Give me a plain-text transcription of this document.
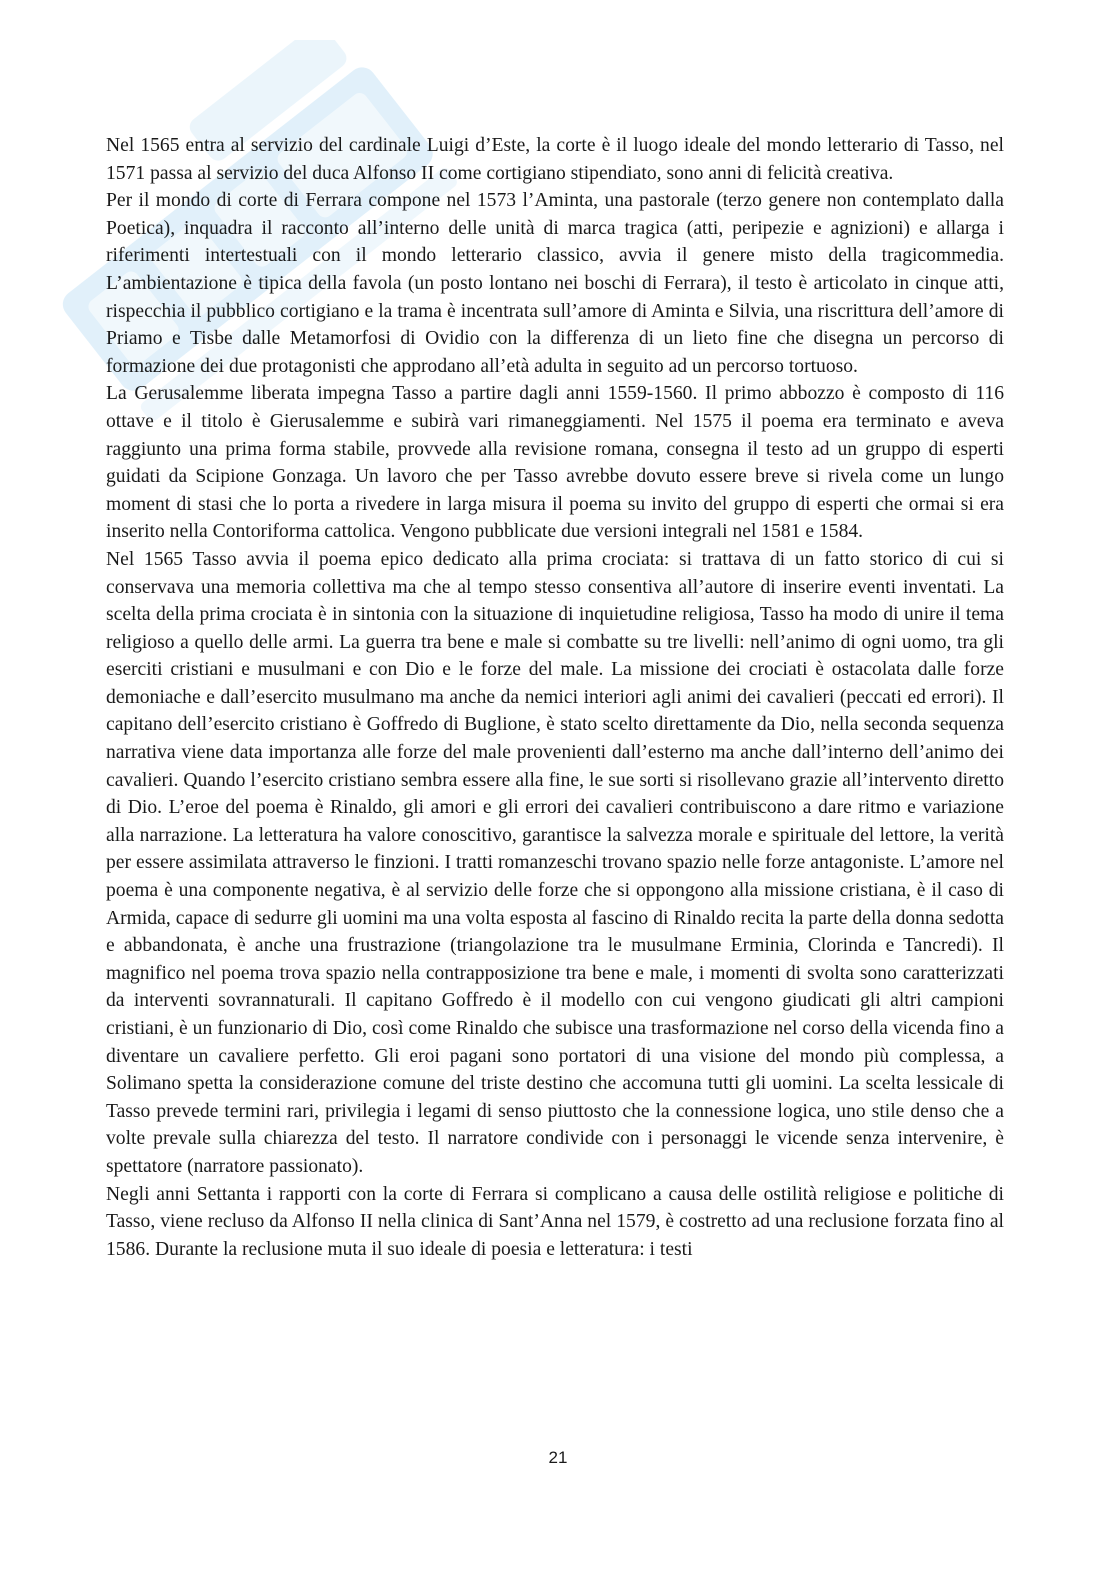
Nel 1565 entra al servizio del cardinale Luigi d’Este, la corte è il luogo ideale del mondo letterario di Tasso, nel 1571 passa al servizio del duca Alfonso II come cortigiano stipendiato, sono anni di felicità creativa.

Per il mondo di corte di Ferrara compone nel 1573 l’Aminta, una pastorale (terzo genere non contemplato dalla Poetica), inquadra il racconto all’interno delle unità di marca tragica (atti, peripezie e agnizioni) e allarga i riferimenti intertestuali con il mondo letterario classico, avvia il genere misto della tragicommedia. L’ambientazione è tipica della favola (un posto lontano nei boschi di Ferrara), il testo è articolato in cinque atti, rispecchia il pubblico cortigiano e la trama è incentrata sull’amore di Aminta e Silvia, una riscrittura dell’amore di Priamo e Tisbe dalle Metamorfosi di Ovidio con la differenza di un lieto fine che disegna un percorso di formazione dei due protagonisti che approdano all’età adulta in seguito ad un percorso tortuoso.

La Gerusalemme liberata impegna Tasso a partire dagli anni 1559-1560. Il primo abbozzo è composto di 116 ottave e il titolo è Gierusalemme e subirà vari rimaneggiamenti. Nel 1575 il poema era terminato e aveva raggiunto una prima forma stabile, provvede alla revisione romana, consegna il testo ad un gruppo di esperti guidati da Scipione Gonzaga. Un lavoro che per Tasso avrebbe dovuto essere breve si rivela come un lungo moment di stasi che lo porta a rivedere in larga misura il poema su invito del gruppo di esperti che ormai si era inserito nella Contoriforma cattolica. Vengono pubblicate due versioni integrali nel 1581 e 1584.

Nel 1565 Tasso avvia il poema epico dedicato alla prima crociata: si trattava di un fatto storico di cui si conservava una memoria collettiva ma che al tempo stesso consentiva all’autore di inserire eventi inventati. La scelta della prima crociata è in sintonia con la situazione di inquietudine religiosa, Tasso ha modo di unire il tema religioso a quello delle armi. La guerra tra bene e male si combatte su tre livelli: nell’animo di ogni uomo, tra gli eserciti cristiani e musulmani e con Dio e le forze del male. La missione dei crociati è ostacolata dalle forze demoniache e dall’esercito musulmano ma anche da nemici interiori agli animi dei cavalieri (peccati ed errori). Il capitano dell’esercito cristiano è Goffredo di Buglione, è stato scelto direttamente da Dio, nella seconda sequenza narrativa viene data importanza alle forze del male provenienti dall’esterno ma anche dall’interno dell’animo dei cavalieri. Quando l’esercito cristiano sembra essere alla fine, le sue sorti si risollevano grazie all’intervento diretto di Dio. L’eroe del poema è Rinaldo, gli amori e gli errori dei cavalieri contribuiscono a dare ritmo e variazione alla narrazione. La letteratura ha valore conoscitivo, garantisce la salvezza morale e spirituale del lettore, la verità per essere assimilata attraverso le finzioni. I tratti romanzeschi trovano spazio nelle forze antagoniste. L’amore nel poema è una componente negativa, è al servizio delle forze che si oppongono alla missione cristiana, è il caso di Armida, capace di sedurre gli uomini ma una volta esposta al fascino di Rinaldo recita la parte della donna sedotta e abbandonata, è anche una frustrazione (triangolazione tra le musulmane Erminia, Clorinda e Tancredi). Il magnifico nel poema trova spazio nella contrapposizione tra bene e male, i momenti di svolta sono caratterizzati da interventi sovrannaturali. Il capitano Goffredo è il modello con cui vengono giudicati gli altri campioni cristiani, è un funzionario di Dio, così come Rinaldo che subisce una trasformazione nel corso della vicenda fino a diventare un cavaliere perfetto. Gli eroi pagani sono portatori di una visione del mondo più complessa, a Solimano spetta la considerazione comune del triste destino che accomuna tutti gli uomini. La scelta lessicale di Tasso prevede termini rari, privilegia i legami di senso piuttosto che la connessione logica, uno stile denso che a volte prevale sulla chiarezza del testo. Il narratore condivide con i personaggi le vicende senza intervenire, è spettatore (narratore passionato).

Negli anni Settanta i rapporti con la corte di Ferrara si complicano a causa delle ostilità religiose e politiche di Tasso, viene recluso da Alfonso II nella clinica di Sant’Anna nel 1579, è costretto ad una reclusione forzata fino al 1586. Durante la reclusione muta il suo ideale di poesia e letteratura: i testi

21
